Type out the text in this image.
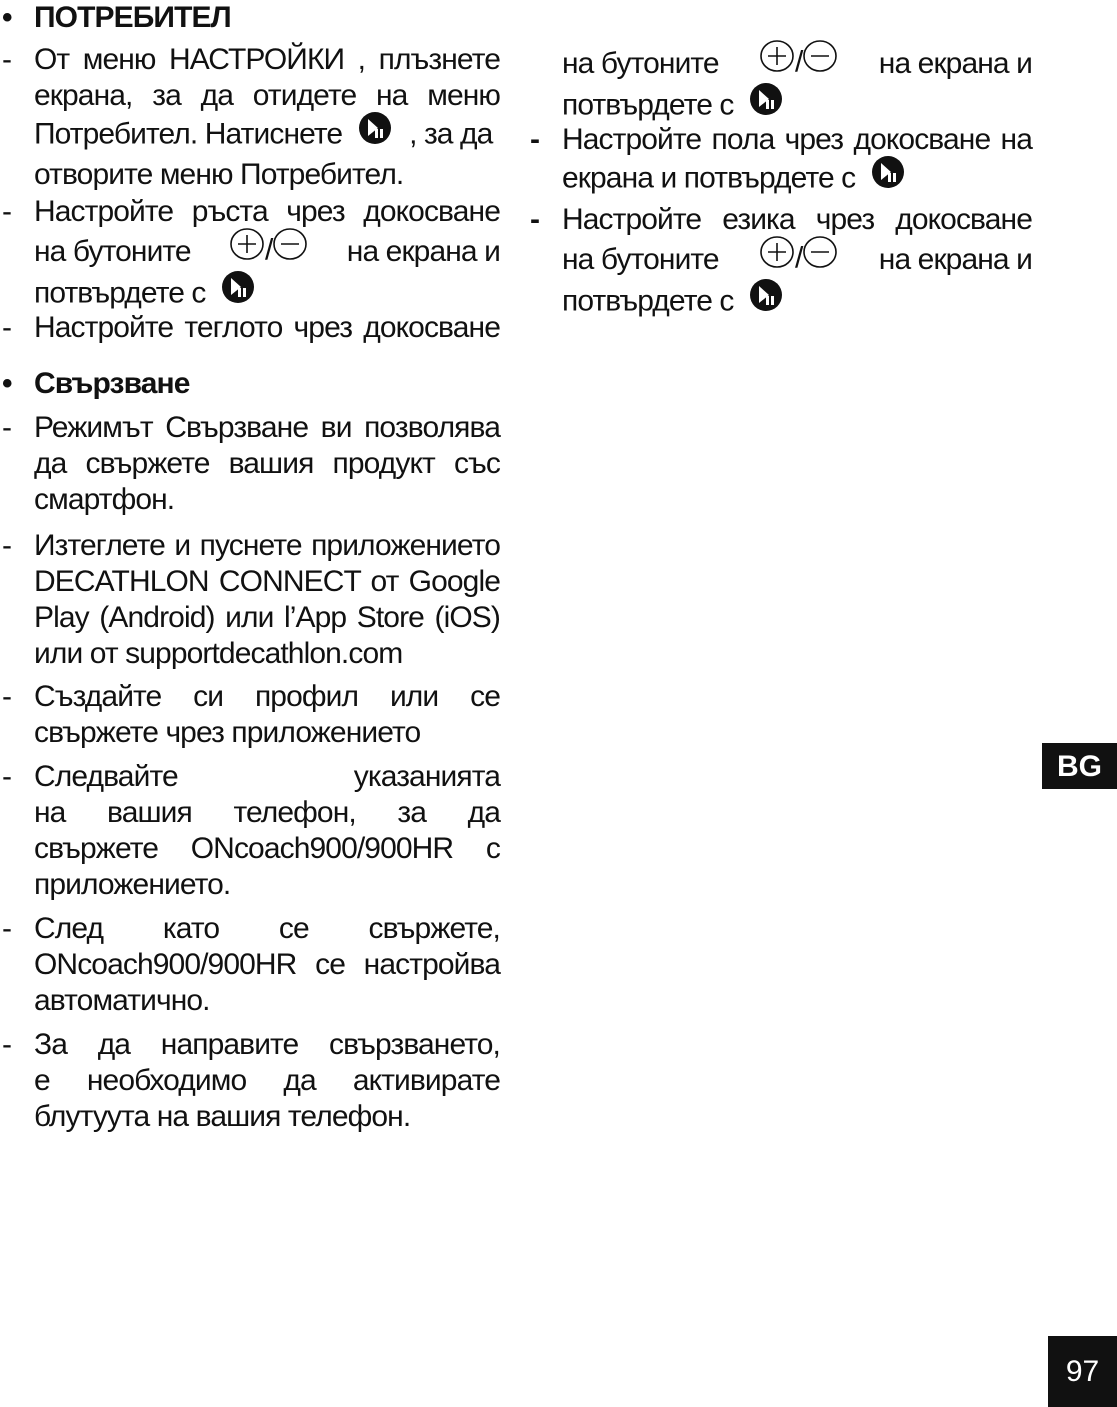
• ПОТРЕБИТЕЛ
- От меню НАСТРОЙКИ , плъзнете
екрана, за да отидете на меню
Потребител. Натиснете , за да
отворите меню Потребител.
- Настройте ръста чрез докосване
на бутоните	/	на екрана и
потвърдете с
- Настройте теглото чрез докосване
• Свързване
- Режимът Свързване ви позволява
да свържете вашия продукт със
смартфон.
- Изтеглете и пуснете приложението
DECATHLON CONNECT от Google
Play (Android) или l’App Store (iOS)
или от supportdecathlon.com
- Създайте си профил или се
свържете чрез приложението
- Следвайте указанията
на вашия телефон, за да
свържете ONcoach900/900HR с
приложението.
- След като се свържете,
ONcoach900/900HR се настройва
автоматично.
- За да направите свързването,
е необходимо да активирате
блутуута на вашия телефон.
на бутоните	/	на екрана и
потвърдете с
- Настройте пола чрез докосване на
екрана и потвърдете с
- Настройте езика чрез докосване
на бутоните	/	на екрана и
потвърдете с
BG
97
